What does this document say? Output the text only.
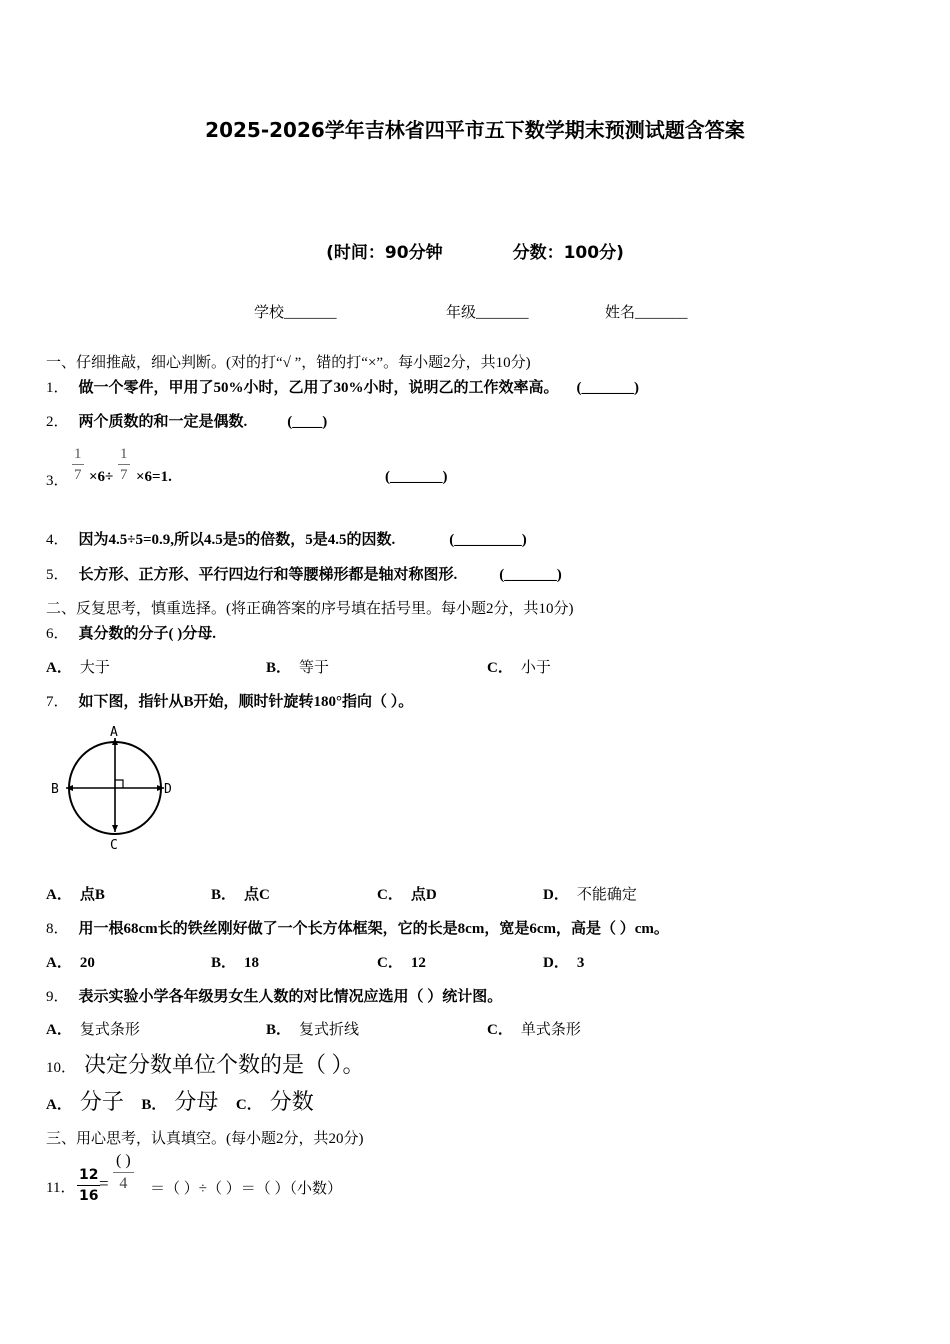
2025-2026学年吉林省四平市五下数学期末预测试题含答案
(时间：90分钟	分数：100分)
学校_______	年级_______	姓名_______
一、仔细推敲，细心判断。(对的打“√ ”，错的打“×”。每小题2分，共10分)
1． 做一个零件，甲用了50%小时，乙用了30%小时，说明乙的工作效率高。 (_______)
2． 两个质数的和一定是偶数.	(____)
3． $\frac{1}{7} \times 6\div \frac{1}{7} \times 6=1$.	(_______)
4． 因为4.5÷5=0.9,所以4.5是5的倍数，5是4.5的因数.	(_________)
5． 长方形、正方形、平行四边行和等腰梯形都是轴对称图形.	(_______)
二、反复思考，慎重选择。(将正确答案的序号填在括号里。每小题2分，共10分)
6． 真分数的分子( )分母.
A． 大于	B． 等于	C． 小于
7． 如下图，指针从B开始，顺时针旋转180°指向（ ）。
A
B	D
C
A． 点B	B． 点C	C． 点D	D． 不能确定
8． 用一根68cm长的铁丝刚好做了一个长方体框架，它的长是8cm，宽是6cm，高是（ ）cm。
A． 20	B． 18	C． 12	D． 3
9． 表示实验小学各年级男女生人数的对比情况应选用（ ）统计图。
A． 复式条形	B． 复式折线	C． 单式条形
10． 决定分数单位个数的是（ ）。
A． 分子 B． 分母 C． 分数
三、用心思考，认真填空。(每小题2分，共20分)
11． $\frac{12}{16}$
=
( )
4	＝（ ）÷（ ）＝（ ）（小数）
